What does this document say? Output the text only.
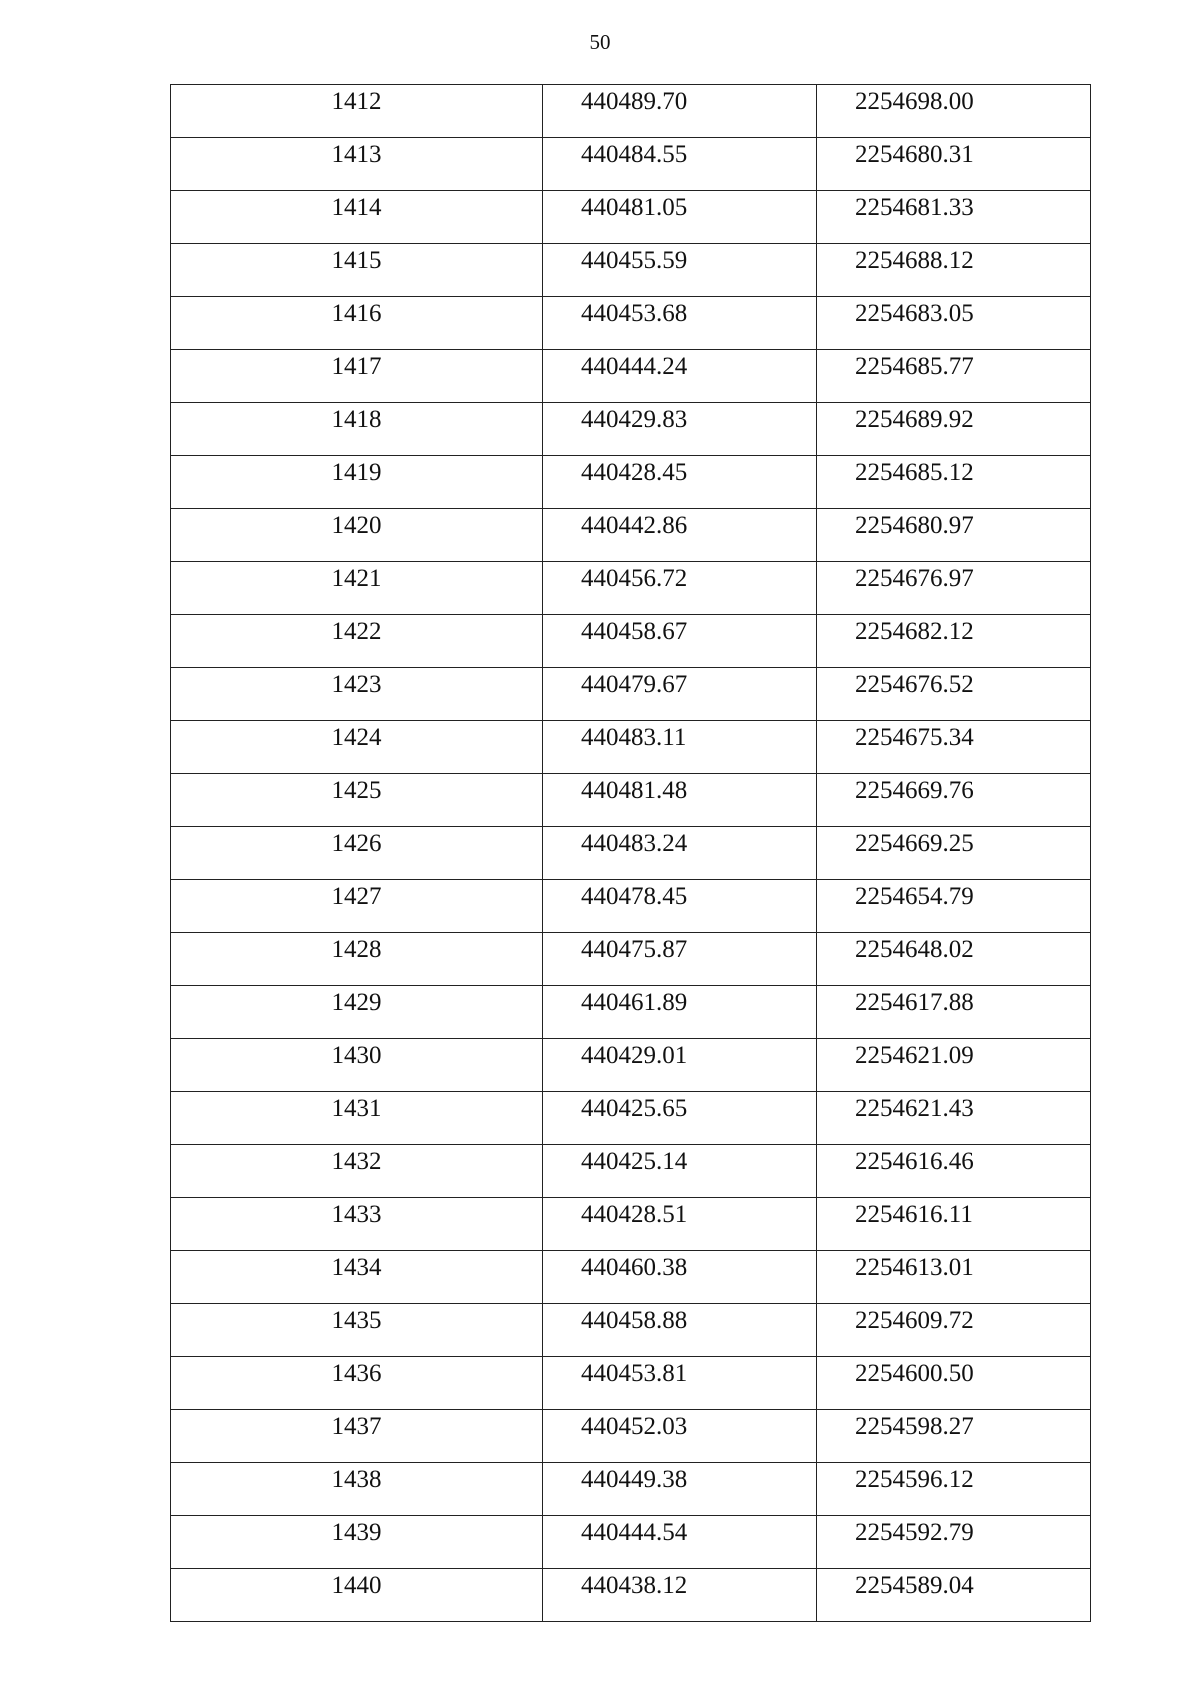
50
1412	440489.70	2254698.00

1413	440484.55	2254680.31

1414	440481.05	2254681.33

1415	440455.59	2254688.12

1416	440453.68	2254683.05

1417	440444.24	2254685.77

1418	440429.83	2254689.92

1419	440428.45	2254685.12

1420	440442.86	2254680.97

1421	440456.72	2254676.97

1422	440458.67	2254682.12

1423	440479.67	2254676.52

1424	440483.11	2254675.34

1425	440481.48	2254669.76

1426	440483.24	2254669.25

1427	440478.45	2254654.79

1428	440475.87	2254648.02

1429	440461.89	2254617.88

1430	440429.01	2254621.09

1431	440425.65	2254621.43

1432	440425.14	2254616.46

1433	440428.51	2254616.11

1434	440460.38	2254613.01

1435	440458.88	2254609.72

1436	440453.81	2254600.50

1437	440452.03	2254598.27

1438	440449.38	2254596.12

1439	440444.54	2254592.79

1440	440438.12	2254589.04
